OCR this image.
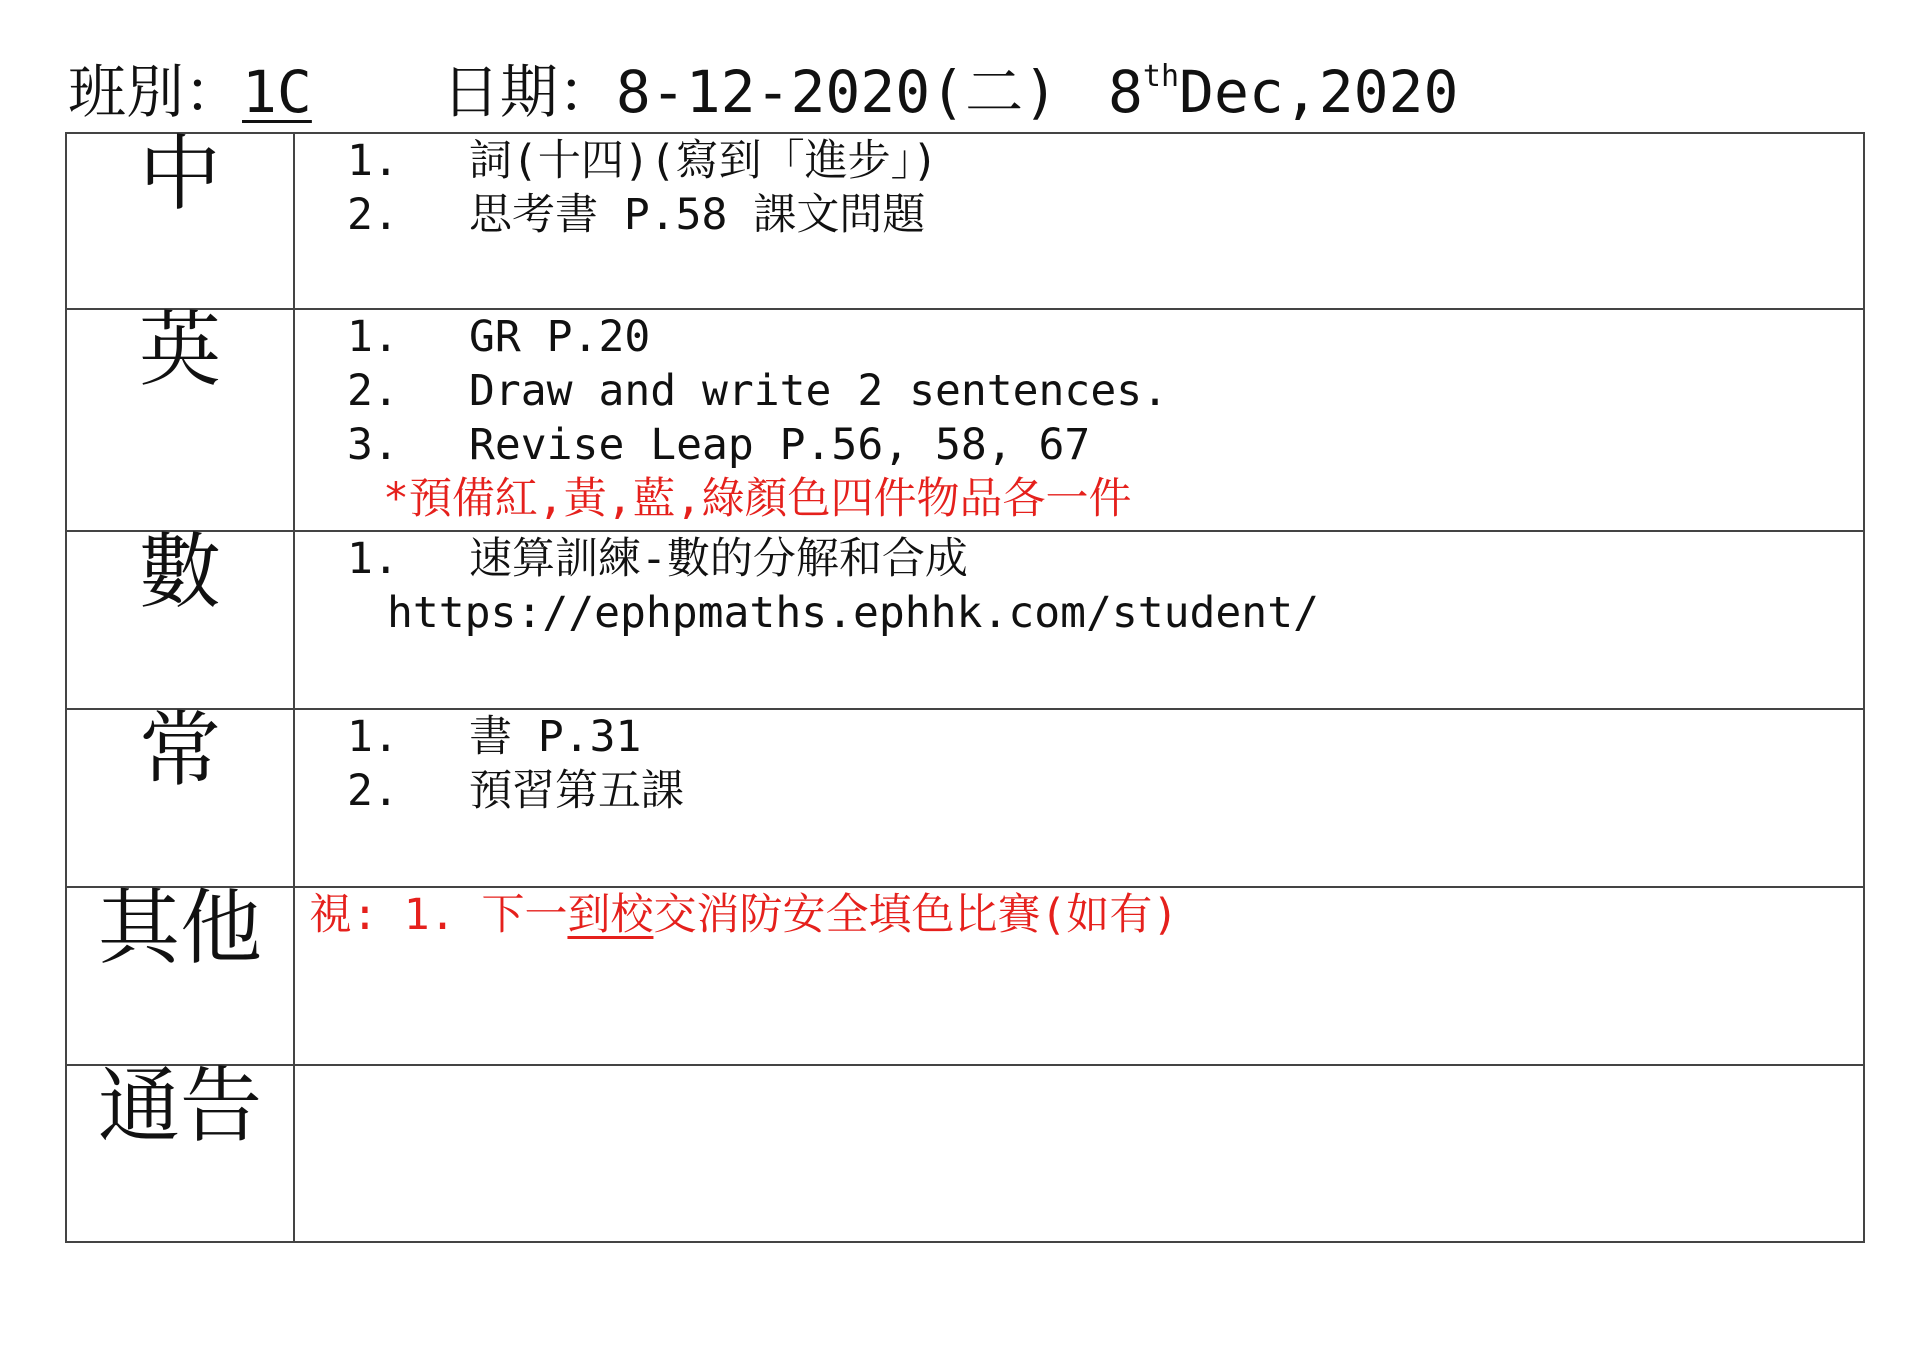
班別：1C 日期：8-12-2020(二) 8thDec,2020
中	1. 詞(十四)(寫到「進步」)
2. 思考書 P.58 課文問題

英	1. GR P.20
2. Draw and write 2 sentences.
3. Revise Leap P.56, 58, 67
*預備紅,黃,藍,綠顏色四件物品各一件

數	1. 速算訓練-數的分解和合成
https://ephpmaths.ephhk.com/student/

常	1. 書 P.31
2. 預習第五課

其他	視: 1. 下一到校交消防安全填色比賽(如有)

通告	
